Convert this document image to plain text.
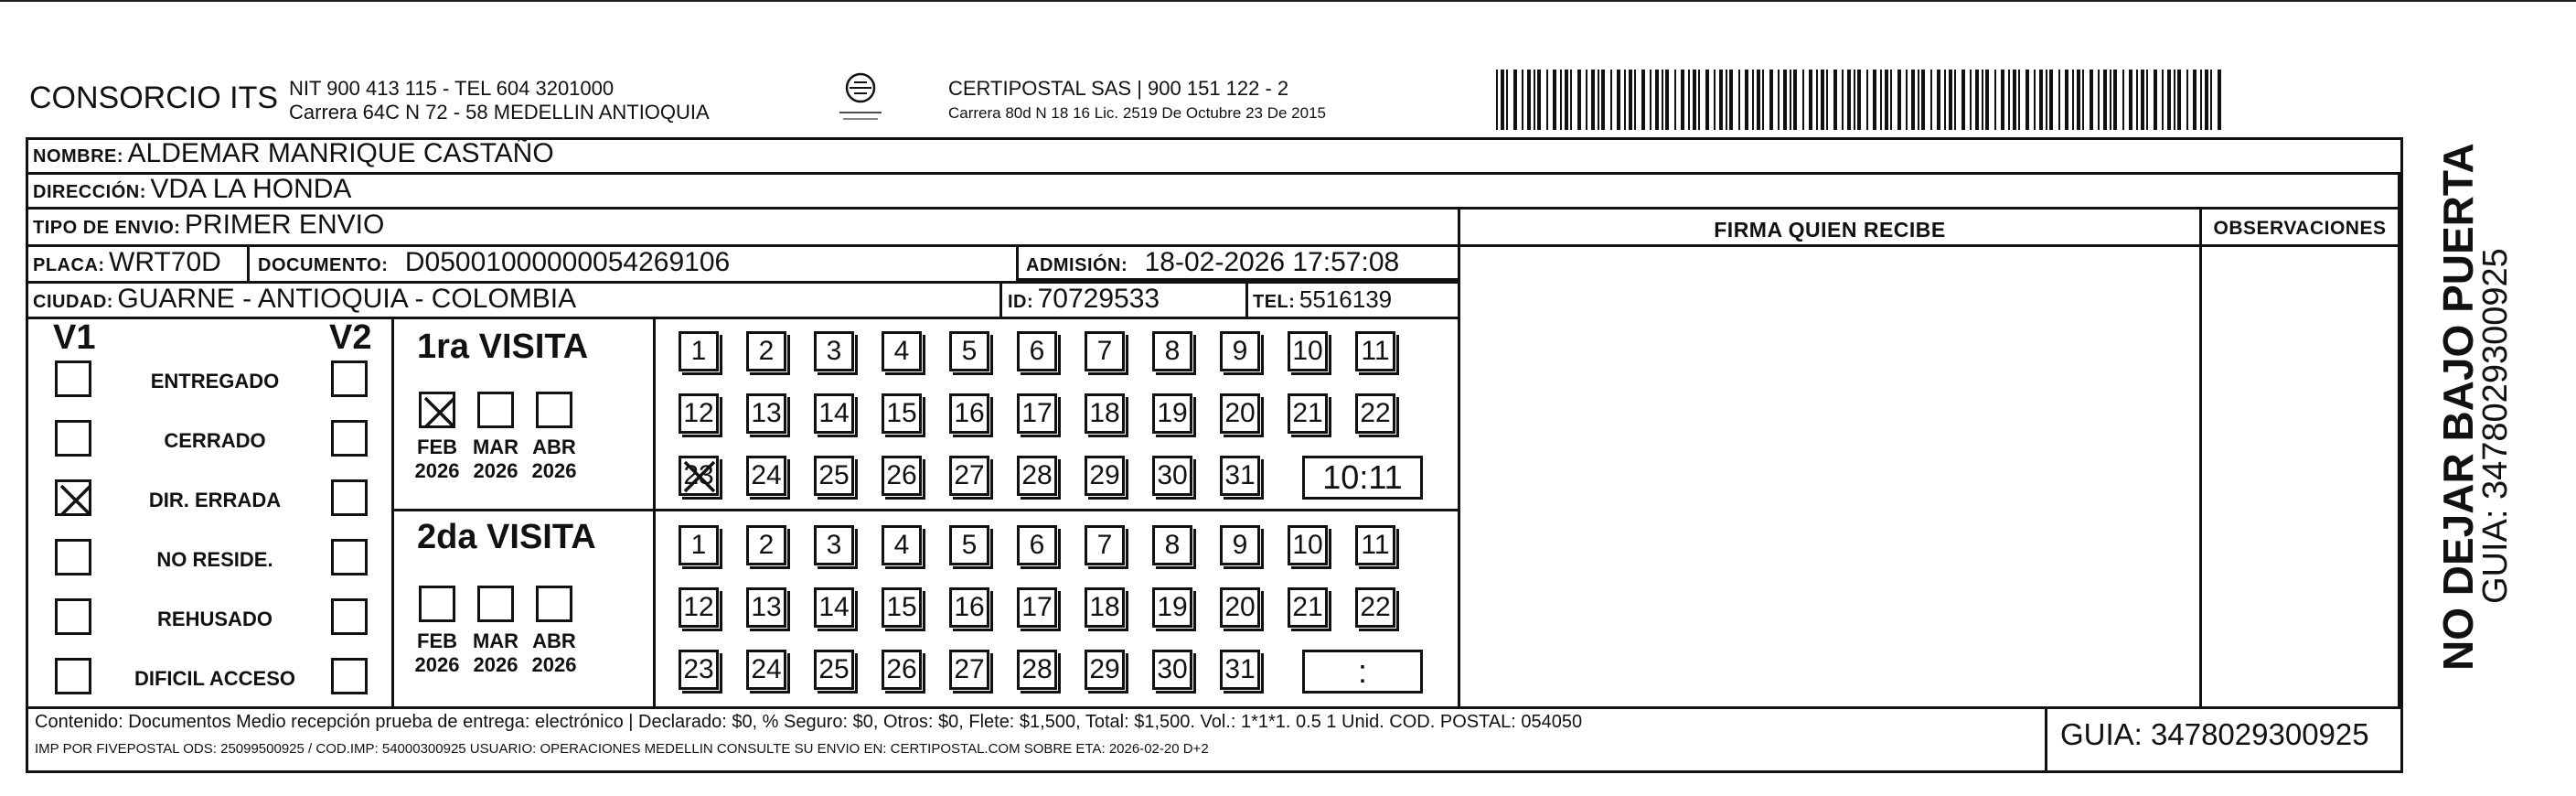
CONSORCIO ITS NIT 900 413 115 - TEL 604 3201000
Carrera 64C N 72 - 58 MEDELLIN ANTIOQUIA
CERTIPOSTAL SAS | 900 151 122 - 2
Carrera 80d N 18 16 Lic. 2519 De Octubre 23 De 2015
NOMBRE: ALDEMAR MANRIQUE CASTAÑO
DIRECCIÓN: VDA LA HONDA
TIPO DE ENVIO: PRIMER ENVIO
PLACA: WRT70D DOCUMENTO: D05001000000054269106	ADMISIÓN: 18-02-2026 17:57:08
CIUDAD: GUARNE - ANTIOQUIA - COLOMBIA	ID: 70729533	TEL: 5516139
FIRMA QUIEN RECIBE	OBSERVACIONES
V1	V2
ENTREGADO
CERRADO
DIR. ERRADA
NO RESIDE.
REHUSADO
DIFICIL ACCESO
1ra VISITA
FEB
2026
MAR
2026
ABR
2026
1	2	3	4	5	6	7	8	9	10 11
12 13 14 15 16 17 18 19 20 21 22
23 24 25 26 27 28 29 30 31	10:11
2da VISITA
FEB
2026
MAR
2026
ABR
2026
1	2	3	4	5	6	7	8	9	10 11
12 13 14 15 16 17 18 19 20 21 22
23 24 25 26 27 28 29 30 31	:
Contenido: Documentos Medio recepción prueba de entrega: electrónico | Declarado: $0, % Seguro: $0, Otros: $0, Flete: $1,500, Total: $1,500. Vol.: 1*1*1. 0.5 1 Unid. COD. POSTAL: 054050
IMP POR FIVEPOSTAL ODS: 25099500925 / COD.IMP: 54000300925 USUARIO: OPERACIONES MEDELLIN CONSULTE SU ENVIO EN: CERTIPOSTAL.COM SOBRE ETA: 2026-02-20 D+2	GUIA: 3478029300925
NO DEJAR BAJO PUERTA
GUIA: 3478029300925
